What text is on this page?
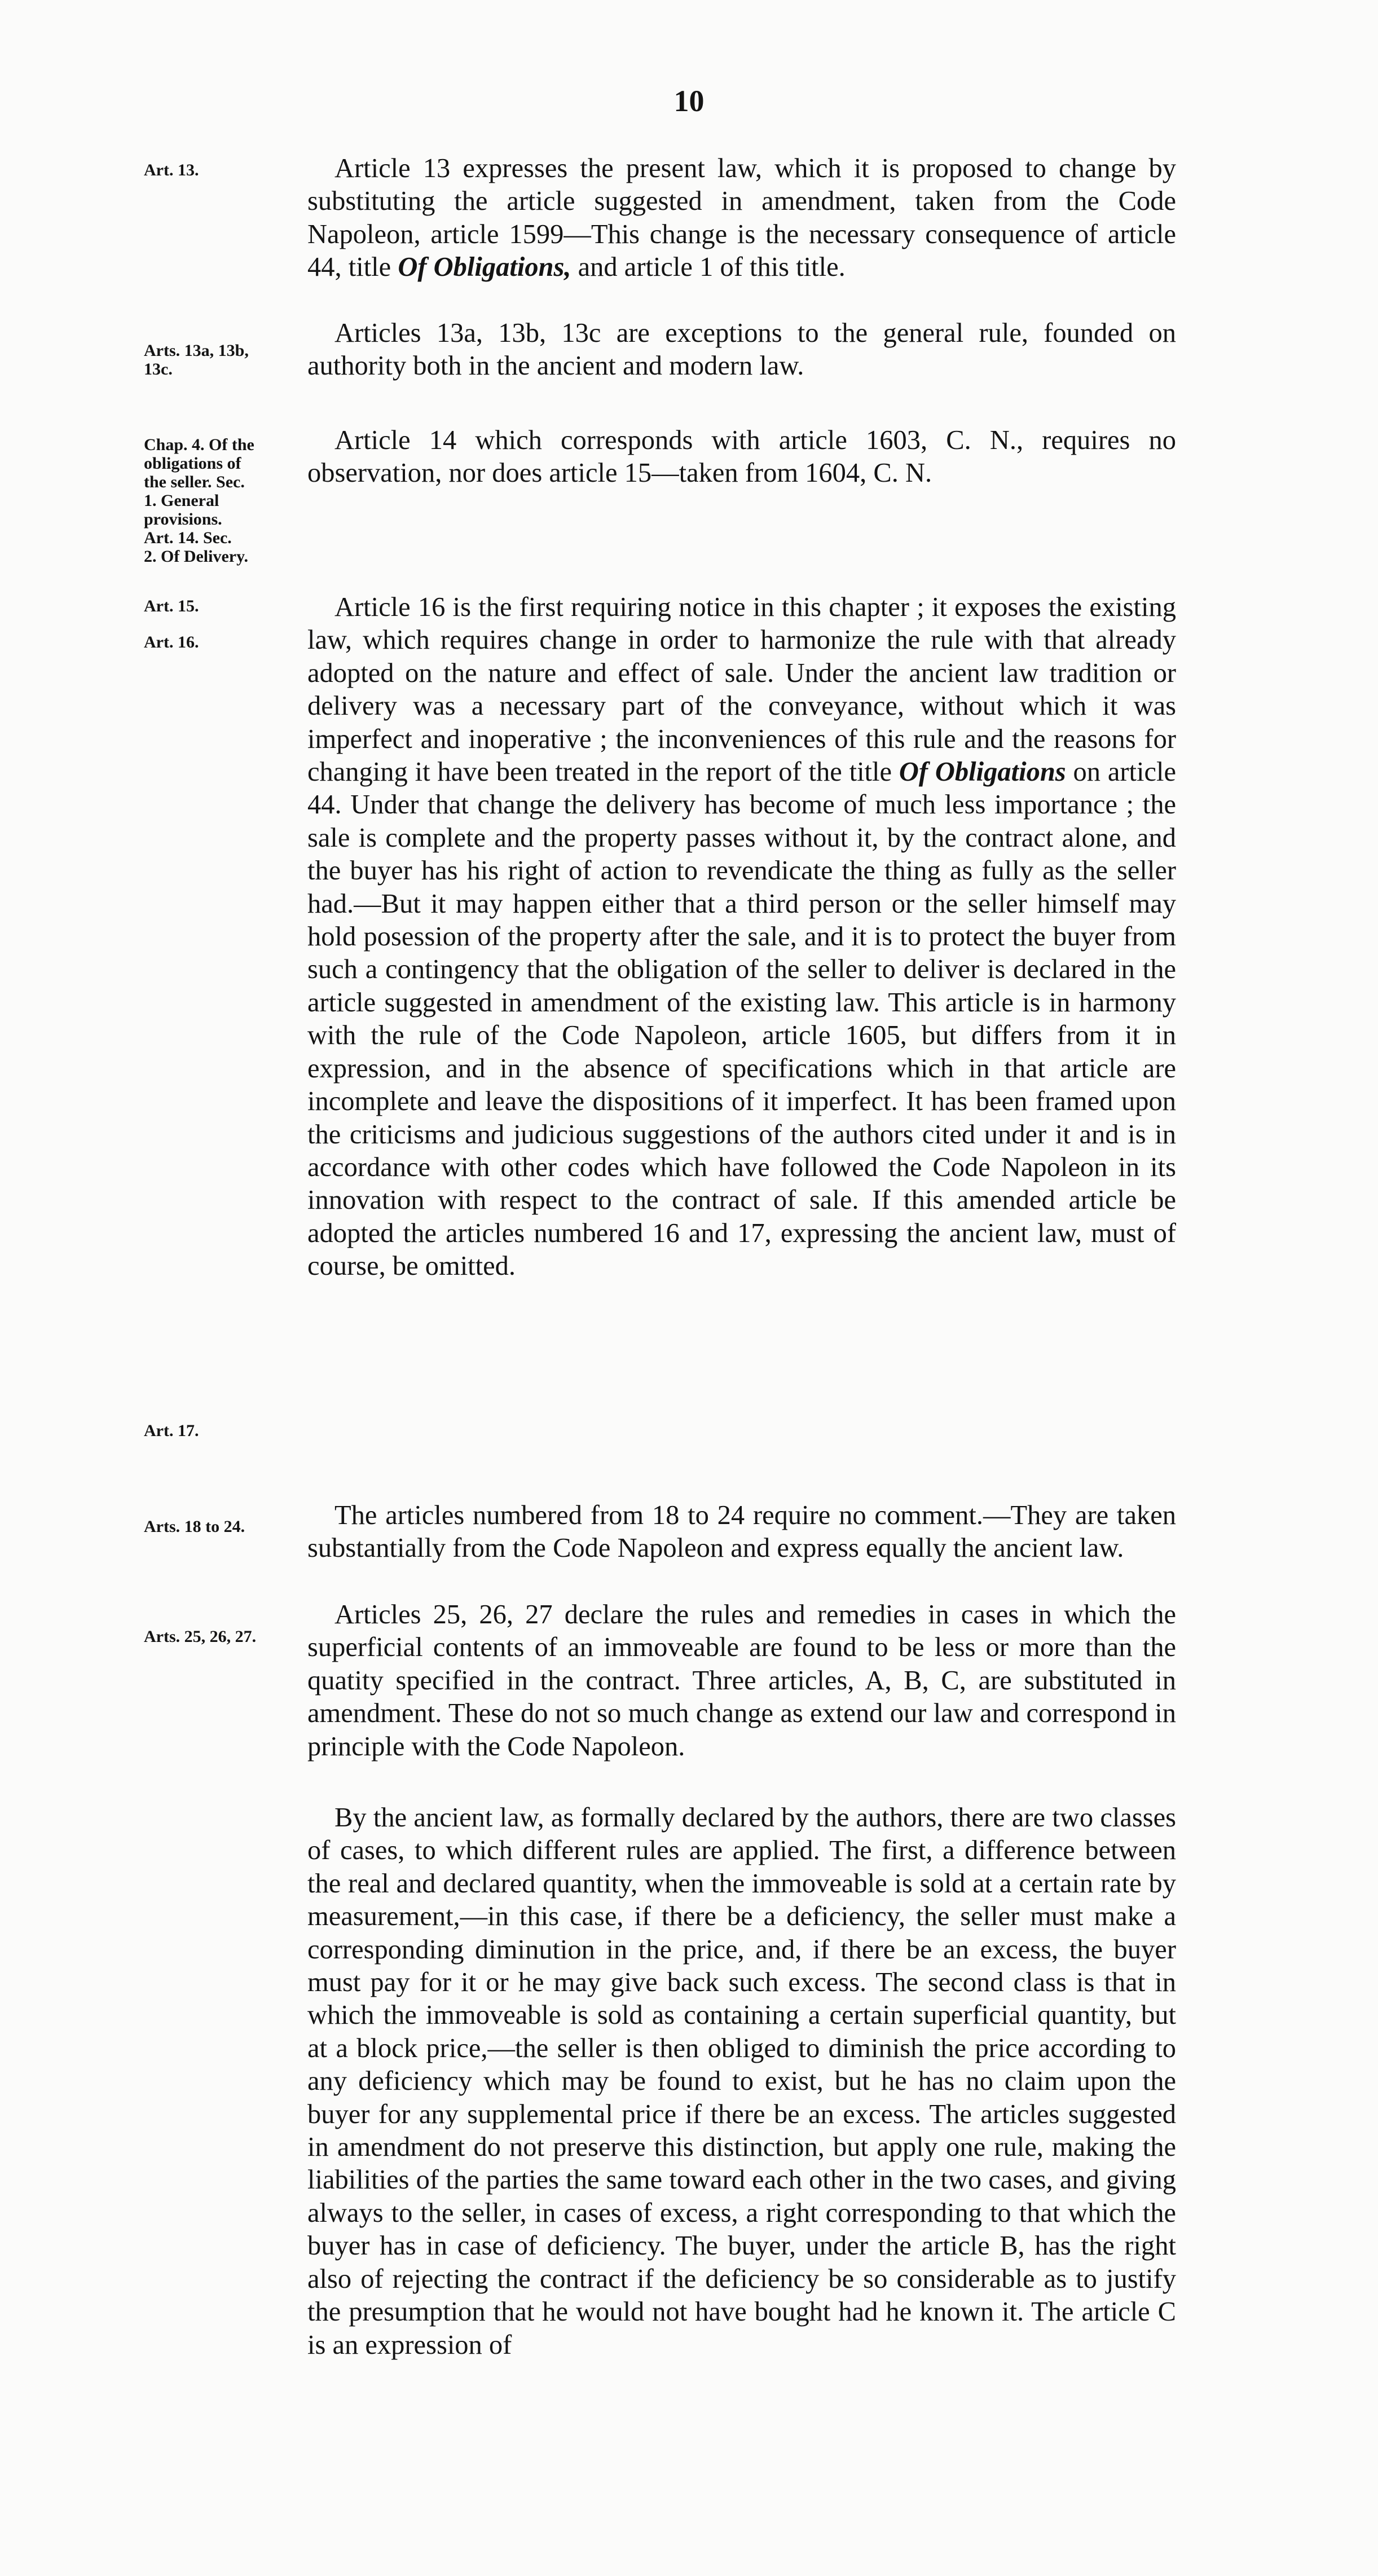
10
Art. 13.
Arts. 13a, 13b,
13c.
Chap. 4. Of the
obligations of
the seller. Sec.
1. General
provisions.
Art. 14. Sec.
2. Of Delivery.
Art. 15.
Art. 16.
Art. 17.
Arts. 18 to 24.
Arts. 25, 26, 27.

Article 13 expresses the present law, which it is proposed to change by substituting the article suggested in amendment, taken from the Code Napoleon, article 1599—This change is the necessary consequence of article 44, title Of Obligations, and article 1 of this title.

Articles 13a, 13b, 13c are exceptions to the general rule, founded on authority both in the ancient and modern law.

Article 14 which corresponds with article 1603, C. N., requires no observation, nor does article 15—taken from 1604, C. N.

Article 16 is the first requiring notice in this chapter ; it exposes the existing law, which requires change in order to harmonize the rule with that already adopted on the nature and effect of sale. Under the ancient law tradition or delivery was a necessary part of the conveyance, without which it was imperfect and inoperative ; the inconveniences of this rule and the reasons for changing it have been treated in the report of the title Of Obligations on article 44. Under that change the delivery has become of much less importance ; the sale is complete and the property passes without it, by the contract alone, and the buyer has his right of action to revendicate the thing as fully as the seller had.—But it may happen either that a third person or the seller himself may hold posession of the property after the sale, and it is to protect the buyer from such a contingency that the obligation of the seller to deliver is declared in the article suggested in amendment of the existing law. This article is in harmony with the rule of the Code Napoleon, article 1605, but differs from it in expression, and in the absence of specifications which in that article are incomplete and leave the dispositions of it imperfect. It has been framed upon the criticisms and judicious suggestions of the authors cited under it and is in accordance with other codes which have followed the Code Napoleon in its innovation with respect to the contract of sale. If this amended article be adopted the articles numbered 16 and 17, expressing the ancient law, must of course, be omitted.

The articles numbered from 18 to 24 require no comment.—They are taken substantially from the Code Napoleon and express equally the ancient law.

Articles 25, 26, 27 declare the rules and remedies in cases in which the superficial contents of an immoveable are found to be less or more than the quatity specified in the contract. Three articles, A, B, C, are substituted in amendment. These do not so much change as extend our law and correspond in principle with the Code Napoleon.

By the ancient law, as formally declared by the authors, there are two classes of cases, to which different rules are applied. The first, a difference between the real and declared quantity, when the immoveable is sold at a certain rate by measurement,—in this case, if there be a deficiency, the seller must make a corresponding diminution in the price, and, if there be an excess, the buyer must pay for it or he may give back such excess. The second class is that in which the immoveable is sold as containing a certain superficial quantity, but at a block price,—the seller is then obliged to diminish the price according to any deficiency which may be found to exist, but he has no claim upon the buyer for any supplemental price if there be an excess. The articles suggested in amendment do not preserve this distinction, but apply one rule, making the liabilities of the parties the same toward each other in the two cases, and giving always to the seller, in cases of excess, a right corresponding to that which the buyer has in case of deficiency. The buyer, under the article B, has the right also of rejecting the contract if the deficiency be so considerable as to justify the presumption that he would not have bought had he known it. The article C is an expression of
